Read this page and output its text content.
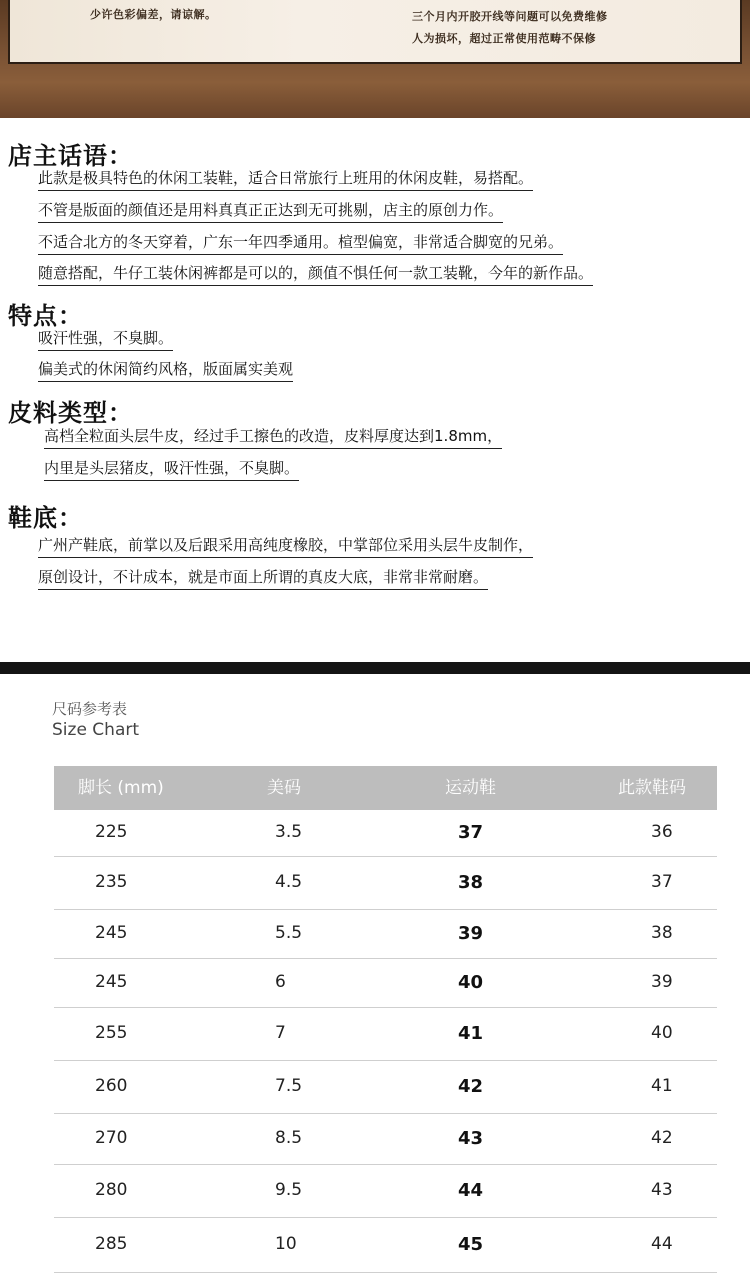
少许色彩偏差，请谅解。	三个月内开胶开线等问题可以免费维修
人为损坏，超过正常使用范畴不保修
店主话语：
此款是极具特色的休闲工装鞋，适合日常旅行上班用的休闲皮鞋，易搭配。
不管是版面的颜值还是用料真真正正达到无可挑剔，店主的原创力作。
不适合北方的冬天穿着，广东一年四季通用。楦型偏宽，非常适合脚宽的兄弟。
随意搭配，牛仔工装休闲裤都是可以的，颜值不惧任何一款工装靴，今年的新作品。
特点：
吸汗性强，不臭脚。
偏美式的休闲简约风格，版面属实美观
皮料类型：
高档全粒面头层牛皮，经过手工擦色的改造，皮料厚度达到1.8mm，
内里是头层猪皮，吸汗性强，不臭脚。
鞋底：
广州产鞋底，前掌以及后跟采用高纯度橡胶，中掌部位采用头层牛皮制作，
原创设计，不计成本，就是市面上所谓的真皮大底，非常非常耐磨。
尺码参考表
Size Chart
脚长 (mm)	美码	运动鞋	此款鞋码
225	3.5	37	36
235	4.5	38	37
245	5.5	39	38
245	6	40	39
255	7	41	40
260	7.5	42	41
270	8.5	43	42
280	9.5	44	43
285	10	45	44
